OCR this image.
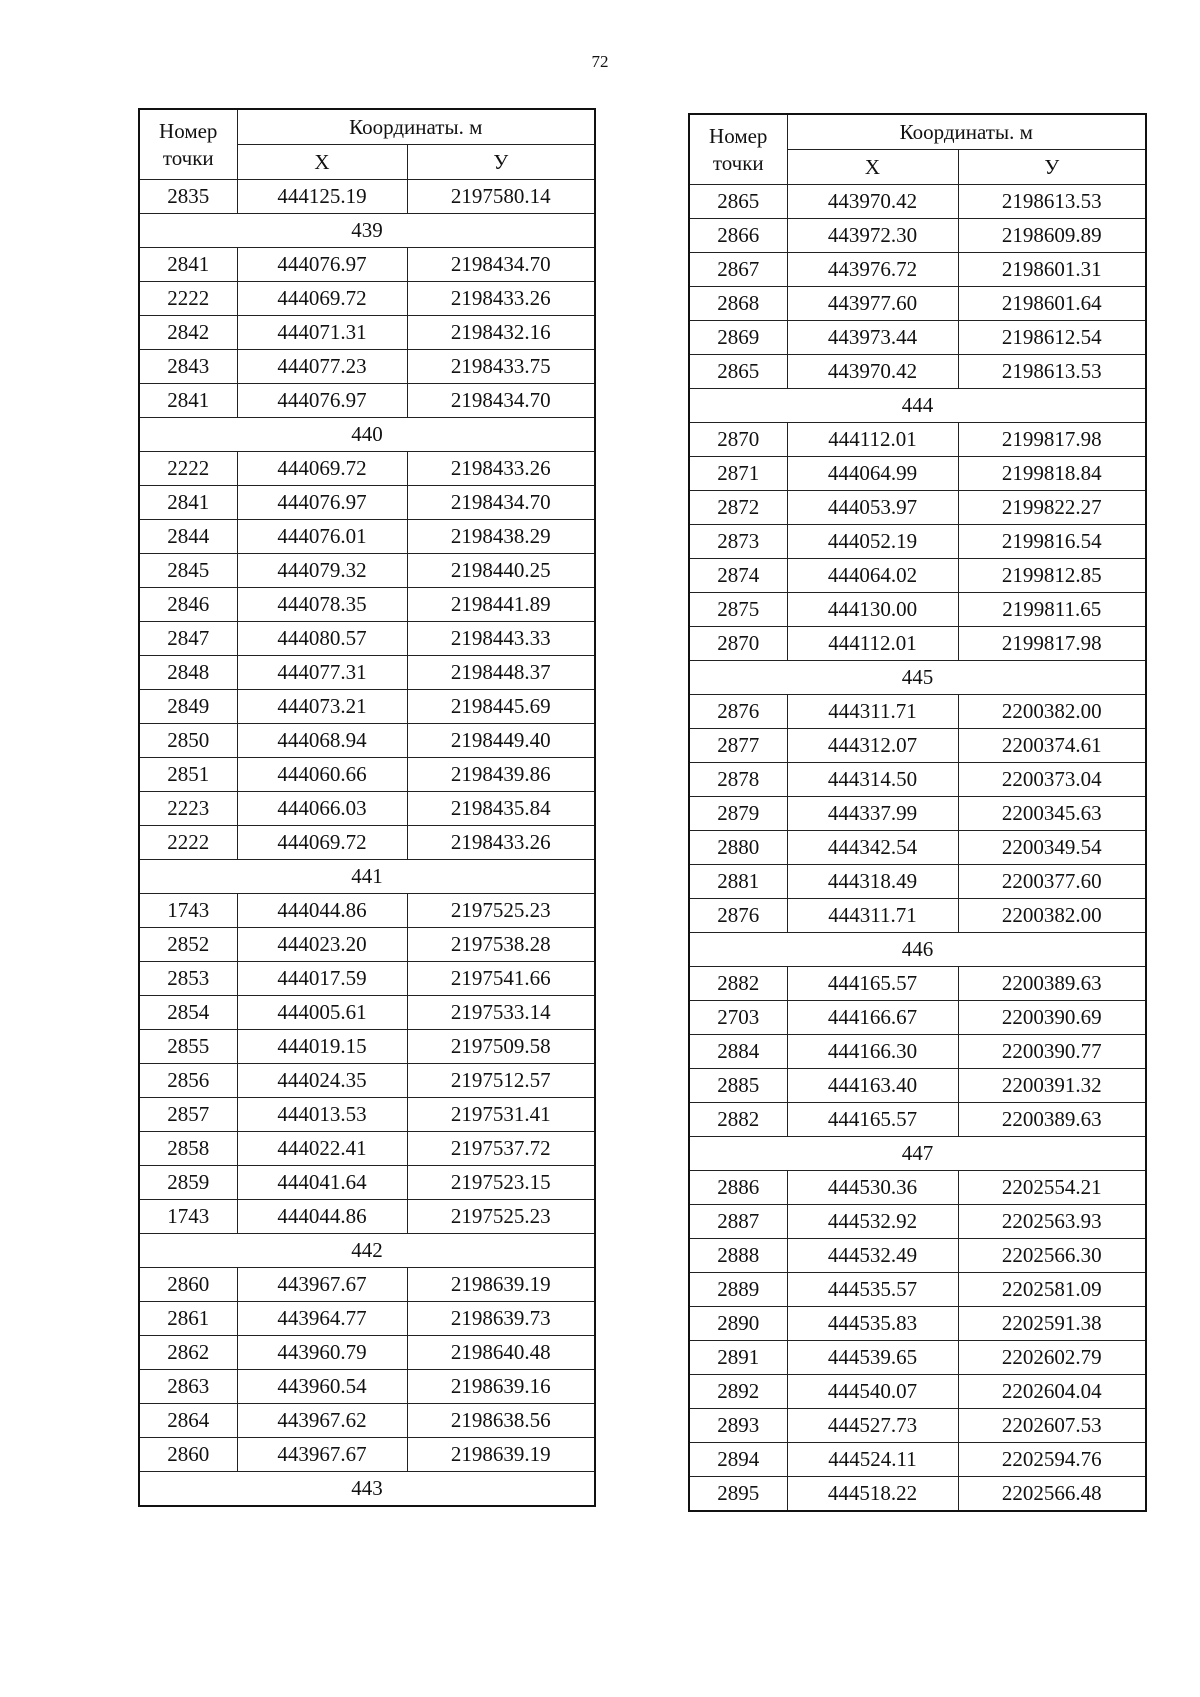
72
Номер
точки	Координаты. м	
	X	У
2835	444125.19	2197580.14
439		
2841	444076.97	2198434.70
2222	444069.72	2198433.26
2842	444071.31	2198432.16
2843	444077.23	2198433.75
2841	444076.97	2198434.70
440		
2222	444069.72	2198433.26
2841	444076.97	2198434.70
2844	444076.01	2198438.29
2845	444079.32	2198440.25
2846	444078.35	2198441.89
2847	444080.57	2198443.33
2848	444077.31	2198448.37
2849	444073.21	2198445.69
2850	444068.94	2198449.40
2851	444060.66	2198439.86
2223	444066.03	2198435.84
2222	444069.72	2198433.26
441		
1743	444044.86	2197525.23
2852	444023.20	2197538.28
2853	444017.59	2197541.66
2854	444005.61	2197533.14
2855	444019.15	2197509.58
2856	444024.35	2197512.57
2857	444013.53	2197531.41
2858	444022.41	2197537.72
2859	444041.64	2197523.15
1743	444044.86	2197525.23
442		
2860	443967.67	2198639.19
2861	443964.77	2198639.73
2862	443960.79	2198640.48
2863	443960.54	2198639.16
2864	443967.62	2198638.56
2860	443967.67	2198639.19
443		
Номер
точки	Координаты. м	
	X	У
2865	443970.42	2198613.53
2866	443972.30	2198609.89
2867	443976.72	2198601.31
2868	443977.60	2198601.64
2869	443973.44	2198612.54
2865	443970.42	2198613.53
444		
2870	444112.01	2199817.98
2871	444064.99	2199818.84
2872	444053.97	2199822.27
2873	444052.19	2199816.54
2874	444064.02	2199812.85
2875	444130.00	2199811.65
2870	444112.01	2199817.98
445		
2876	444311.71	2200382.00
2877	444312.07	2200374.61
2878	444314.50	2200373.04
2879	444337.99	2200345.63
2880	444342.54	2200349.54
2881	444318.49	2200377.60
2876	444311.71	2200382.00
446		
2882	444165.57	2200389.63
2703	444166.67	2200390.69
2884	444166.30	2200390.77
2885	444163.40	2200391.32
2882	444165.57	2200389.63
447		
2886	444530.36	2202554.21
2887	444532.92	2202563.93
2888	444532.49	2202566.30
2889	444535.57	2202581.09
2890	444535.83	2202591.38
2891	444539.65	2202602.79
2892	444540.07	2202604.04
2893	444527.73	2202607.53
2894	444524.11	2202594.76
2895	444518.22	2202566.48
